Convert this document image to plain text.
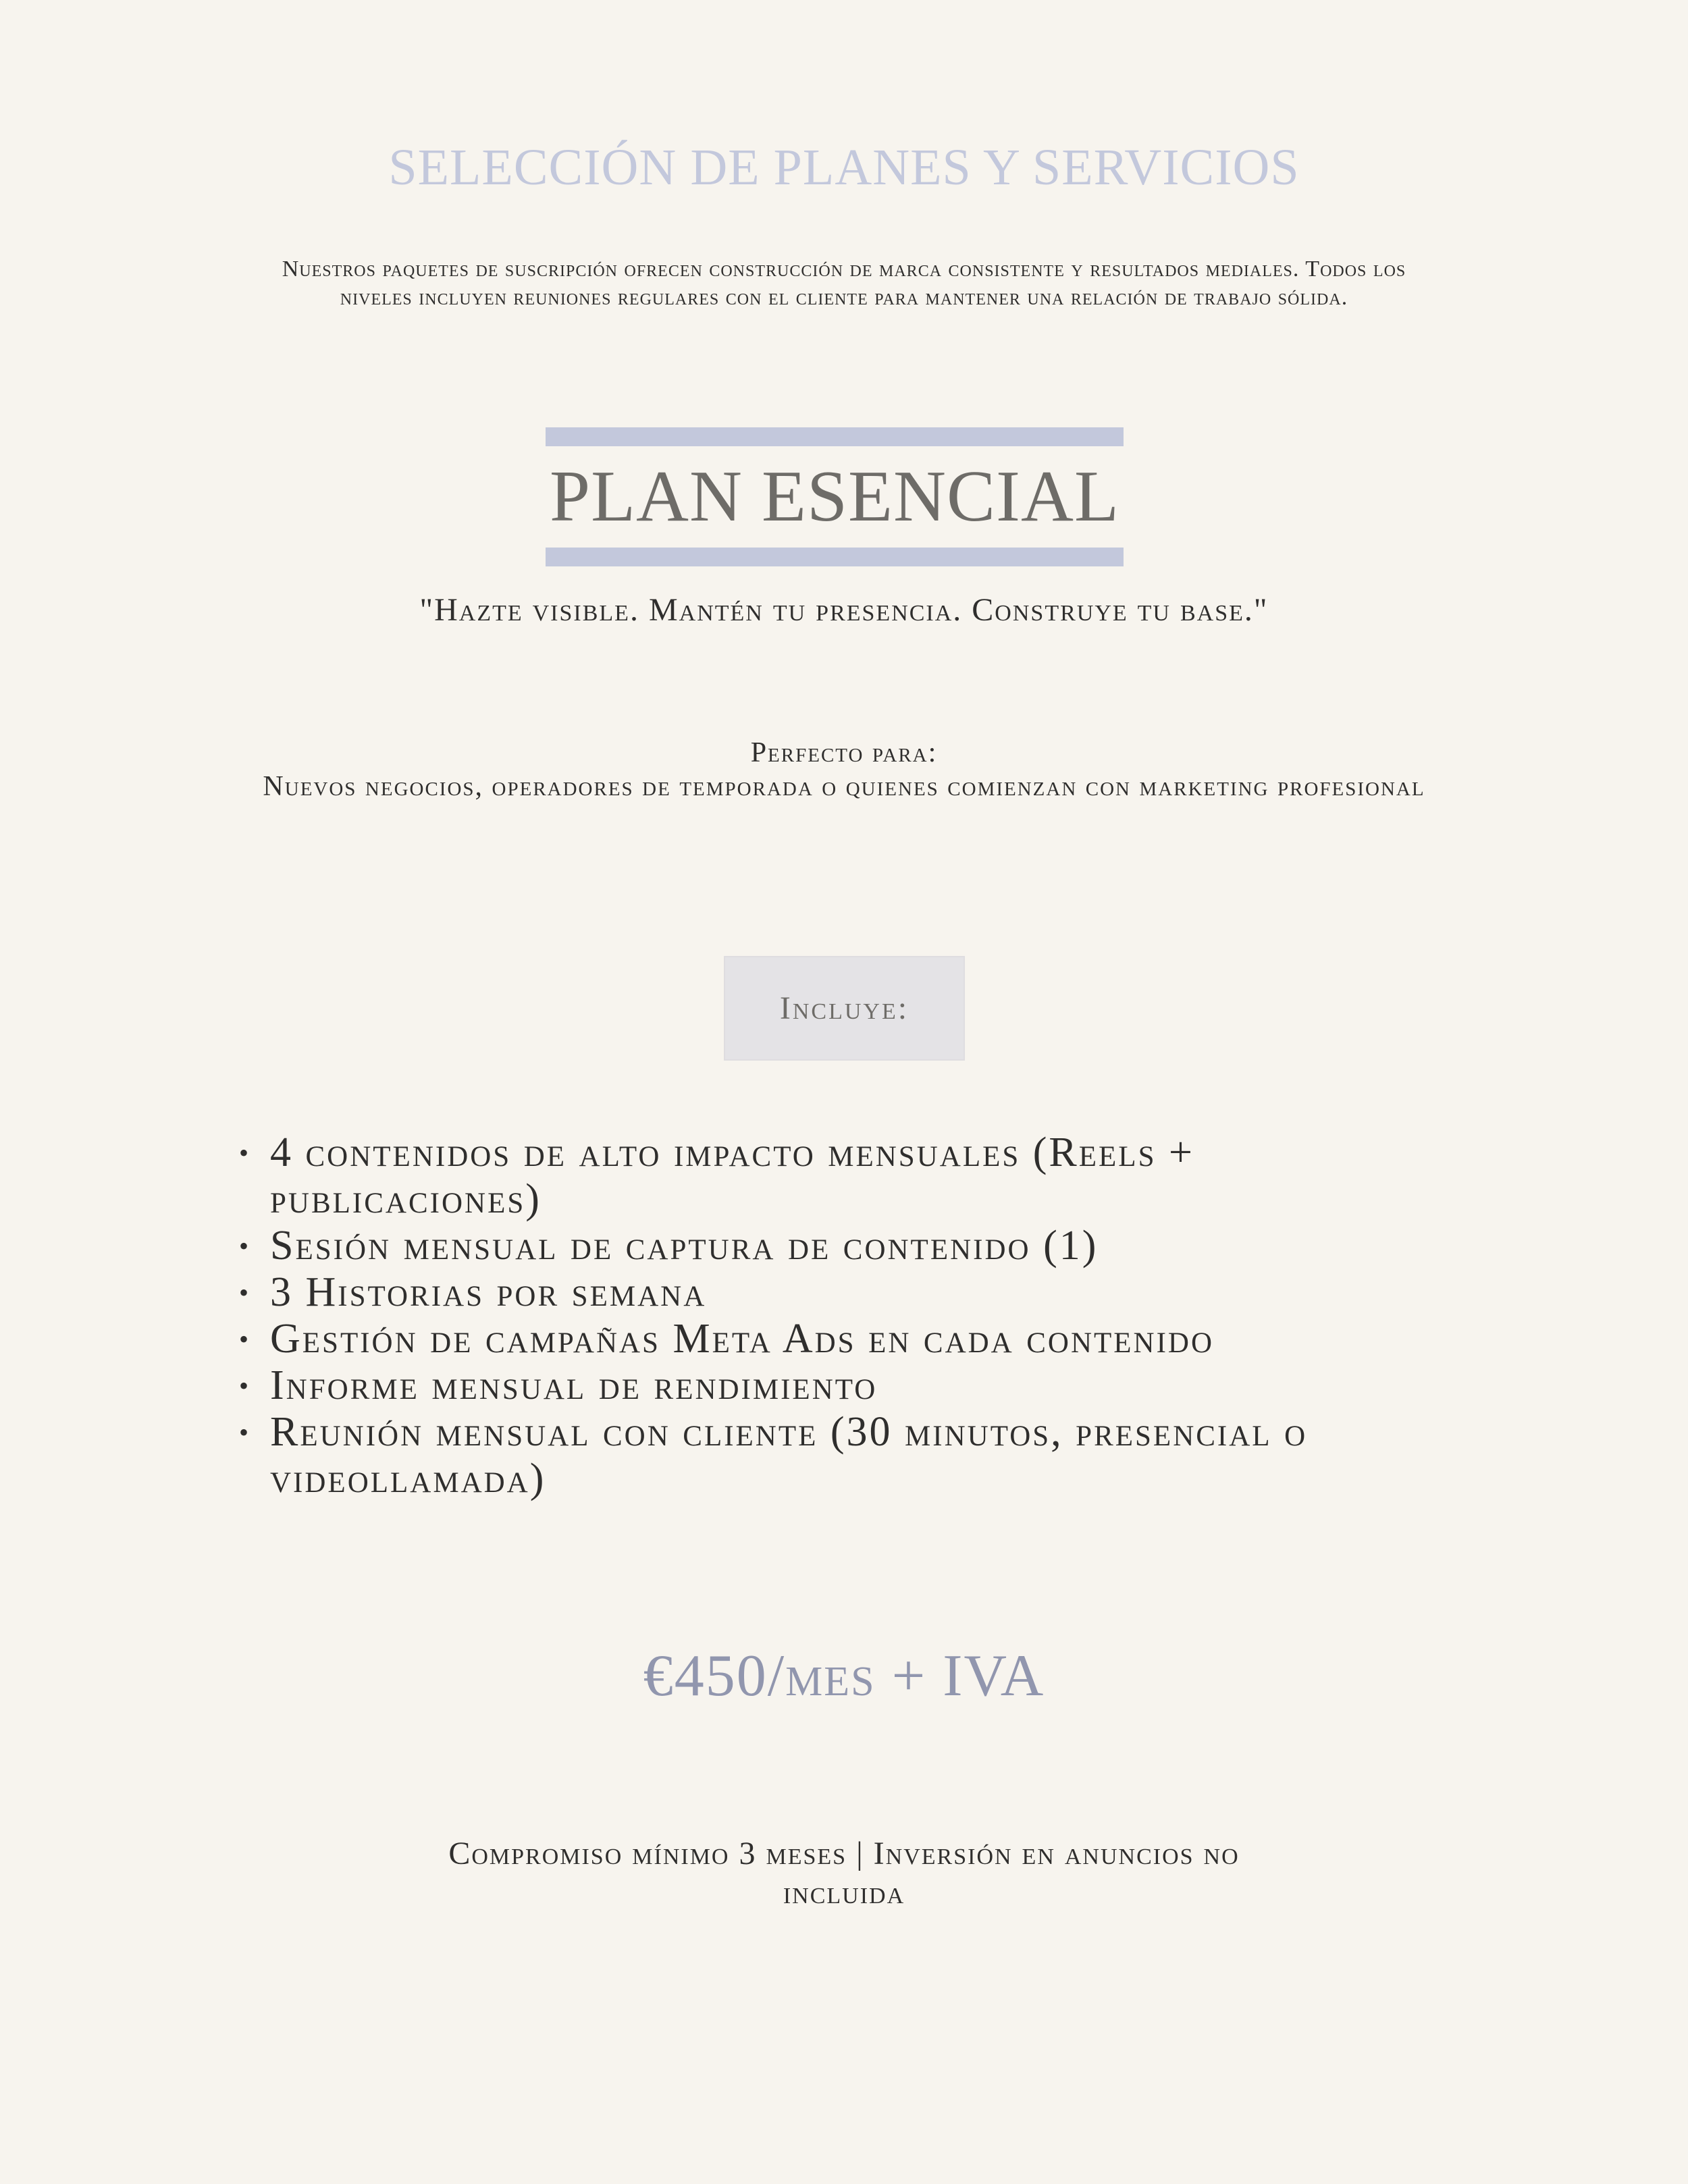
SELECCIÓN DE PLANES Y SERVICIOS
Nuestros paquetes de suscripción ofrecen construcción de marca consistente y resultados mediales. Todos los niveles incluyen reuniones regulares con el cliente para mantener una relación de trabajo sólida.
PLAN ESENCIAL
"Hazte visible. Mantén tu presencia. Construye tu base."
Perfecto para:
Nuevos negocios, operadores de temporada o quienes comienzan con marketing profesional
Incluye:
• 4 contenidos de alto impacto mensuales (Reels + publicaciones)
• Sesión mensual de captura de contenido (1)
• 3 Historias por semana
• Gestión de campañas Meta Ads en cada contenido
• Informe mensual de rendimiento
• Reunión mensual con cliente (30 minutos, presencial o videollamada)
€450/mes + IVA
Compromiso mínimo 3 meses | Inversión en anuncios no incluida
